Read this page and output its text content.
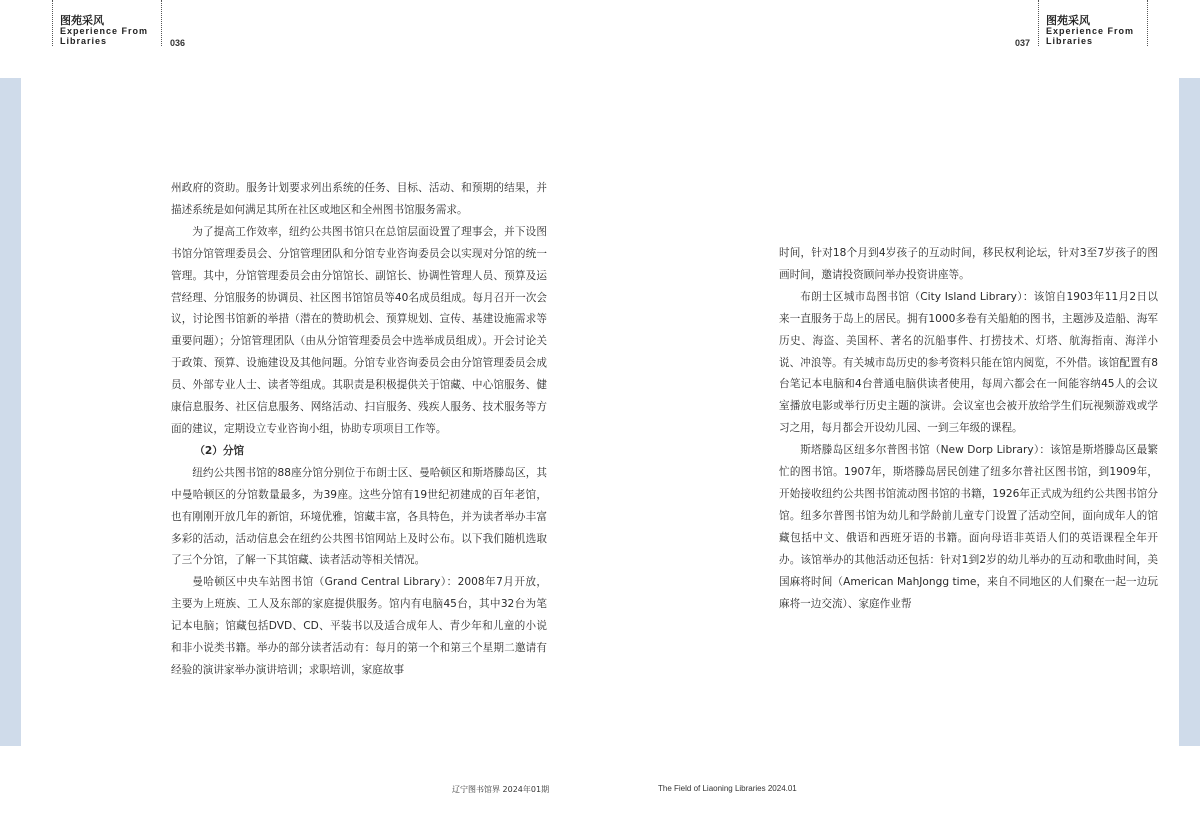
图苑采风
Experience From
Libraries	036	037
图苑采风
Experience From
Libraries

州政府的资助。服务计划要求列出系统的任务、目标、活动、和预期的结果，并描述系统是如何满足其所在社区或地区和全州图书馆服务需求。

为了提高工作效率，纽约公共图书馆只在总馆层面设置了理事会，并下设图书馆分馆管理委员会、分馆管理团队和分馆专业咨询委员会以实现对分馆的统一管理。其中，分馆管理委员会由分馆馆长、副馆长、协调性管理人员、预算及运营经理、分馆服务的协调员、社区图书馆馆员等40名成员组成。每月召开一次会议，讨论图书馆新的举措（潜在的赞助机会、预算规划、宣传、基建设施需求等重要问题）；分馆管理团队（由从分馆管理委员会中选举成员组成）。开会讨论关于政策、预算、设施建设及其他问题。分馆专业咨询委员会由分馆管理委员会成员、外部专业人士、读者等组成。其职责是积极提供关于馆藏、中心馆服务、健康信息服务、社区信息服务、网络活动、扫盲服务、残疾人服务、技术服务等方面的建议，定期设立专业咨询小组，协助专项项目工作等。

（2）分馆

纽约公共图书馆的88座分馆分别位于布朗士区、曼哈顿区和斯塔滕岛区，其中曼哈顿区的分馆数量最多，为39座。这些分馆有19世纪初建成的百年老馆，也有刚刚开放几年的新馆，环境优雅，馆藏丰富，各具特色，并为读者举办丰富多彩的活动，活动信息会在纽约公共图书馆网站上及时公布。以下我们随机选取了三个分馆，了解一下其馆藏、读者活动等相关情况。

曼哈顿区中央车站图书馆（Grand Central Library）：2008年7月开放，主要为上班族、工人及东部的家庭提供服务。馆内有电脑45台，其中32台为笔记本电脑；馆藏包括DVD、CD、平装书以及适合成年人、青少年和儿童的小说和非小说类书籍。举办的部分读者活动有：每月的第一个和第三个星期二邀请有经验的演讲家举办演讲培训；求职培训，家庭故事

时间，针对18个月到4岁孩子的互动时间，移民权利论坛，针对3至7岁孩子的图画时间，邀请投资顾问举办投资讲座等。

布朗士区城市岛图书馆（City Island Library）：该馆自1903年11月2日以来一直服务于岛上的居民。拥有1000多卷有关船舶的图书，主题涉及造船、海军历史、海盗、美国杯、著名的沉船事件、打捞技术、灯塔、航海指南、海洋小说、冲浪等。有关城市岛历史的参考资料只能在馆内阅览，不外借。该馆配置有8台笔记本电脑和4台普通电脑供读者使用，每周六都会在一间能容纳45人的会议室播放电影或举行历史主题的演讲。会议室也会被开放给学生们玩视频游戏或学习之用，每月都会开设幼儿园、一到三年级的课程。

斯塔滕岛区纽多尔普图书馆（New Dorp Library）：该馆是斯塔滕岛区最繁忙的图书馆。1907年，斯塔滕岛居民创建了纽多尔普社区图书馆，到1909年，开始接收纽约公共图书馆流动图书馆的书籍，1926年正式成为纽约公共图书馆分馆。纽多尔普图书馆为幼儿和学龄前儿童专门设置了活动空间，面向成年人的馆藏包括中文、俄语和西班牙语的书籍。面向母语非英语人们的英语课程全年开办。该馆举办的其他活动还包括：针对1到2岁的幼儿举办的互动和歌曲时间，美国麻将时间（American MahJongg time，来自不同地区的人们聚在一起一边玩麻将一边交流）、家庭作业帮

辽宁图书馆界 2024年01期	The Field of Liaoning Libraries 2024.01
